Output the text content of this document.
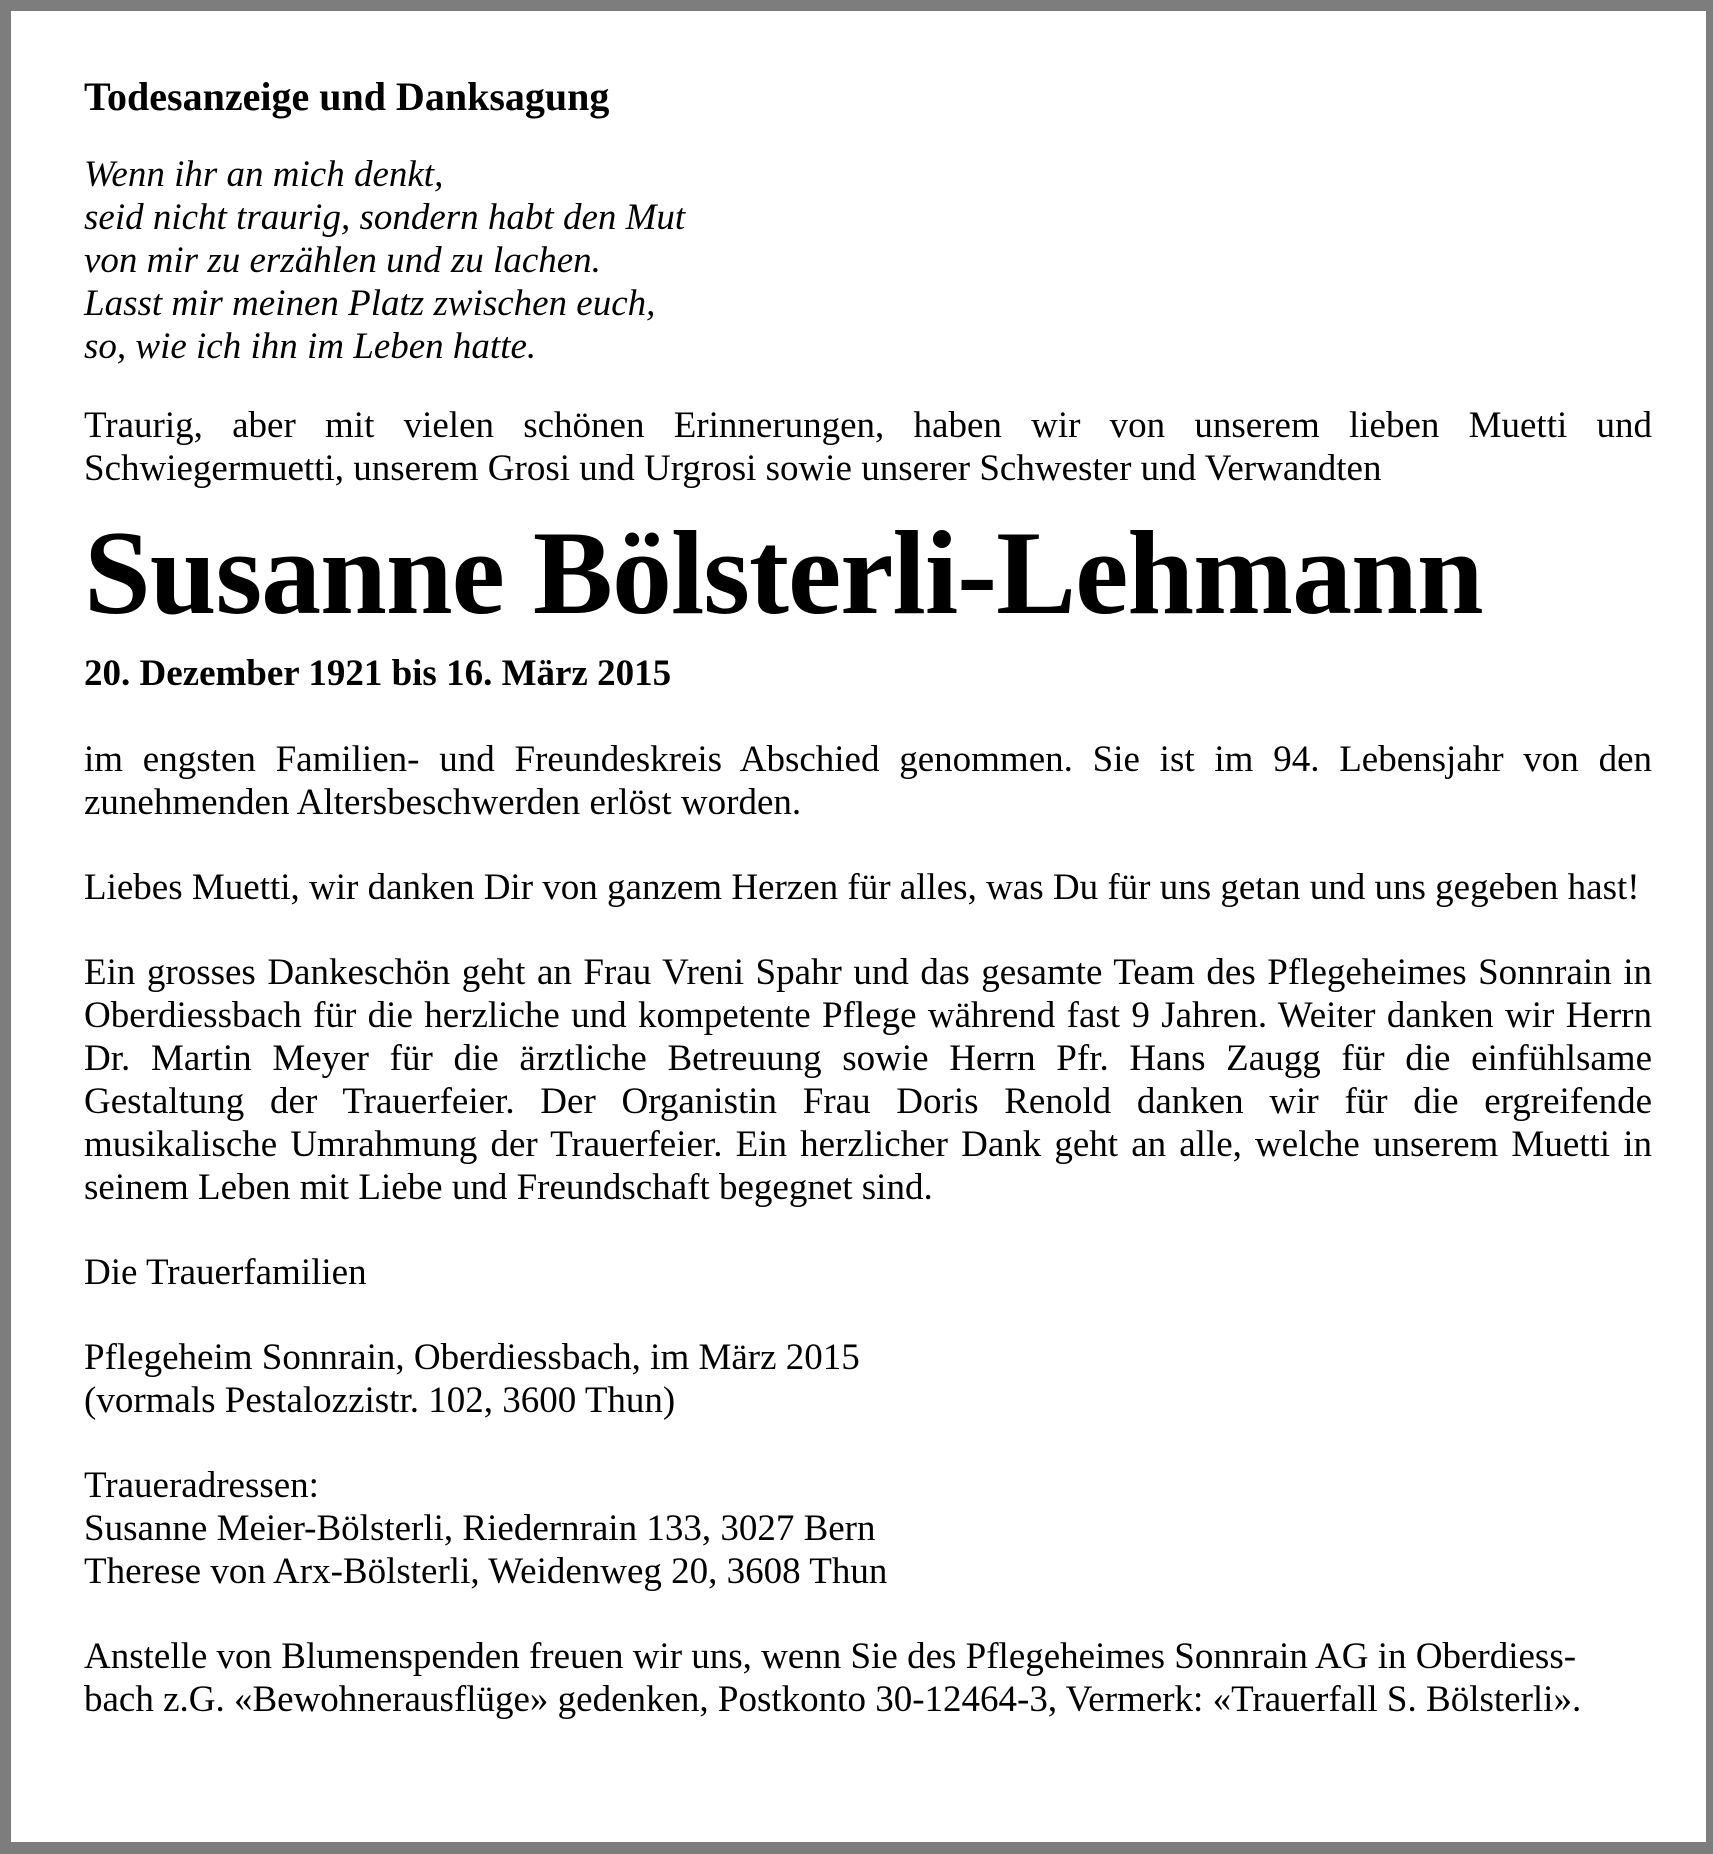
Todesanzeige und Danksagung
Wenn ihr an mich denkt,
seid nicht traurig, sondern habt den Mut
von mir zu erzählen und zu lachen.
Lasst mir meinen Platz zwischen euch,
so, wie ich ihn im Leben hatte.

Traurig, aber mit vielen schönen Erinnerungen, haben wir von unserem lieben Muetti und Schwiegermuetti, unserem Grosi und Urgrosi sowie unserer Schwester und Verwandten

Susanne Bölsterli-Lehmann
20. Dezember 1921 bis 16. März 2015

im engsten Familien- und Freundeskreis Abschied genommen. Sie ist im 94. Lebensjahr von den zunehmenden Altersbeschwerden erlöst worden.

Liebes Muetti, wir danken Dir von ganzem Herzen für alles, was Du für uns getan und uns gegeben hast!

Ein grosses Dankeschön geht an Frau Vreni Spahr und das gesamte Team des Pflegeheimes Sonnrain in Oberdiessbach für die herzliche und kompetente Pflege während fast 9 Jahren. Weiter danken wir Herrn Dr. Martin Meyer für die ärztliche Betreuung sowie Herrn Pfr. Hans Zaugg für die einfühlsame Gestaltung der Trauerfeier. Der Organistin Frau Doris Renold danken wir für die ergreifende musikalische Umrahmung der Trauerfeier. Ein herzlicher Dank geht an alle, welche unserem Muetti in seinem Leben mit Liebe und Freundschaft begegnet sind.

Die Trauerfamilien
Pflegeheim Sonnrain, Oberdiessbach, im März 2015
(vormals Pestalozzistr. 102, 3600 Thun)
Traueradressen:
Susanne Meier-Bölsterli, Riedernrain 133, 3027 Bern
Therese von Arx-Bölsterli, Weidenweg 20, 3608 Thun
Anstelle von Blumenspenden freuen wir uns, wenn Sie des Pflegeheimes Sonnrain AG in Oberdiess-
bach z.G. «Bewohnerausflüge» gedenken, Postkonto 30-12464-3, Vermerk: «Trauerfall S. Bölsterli».
